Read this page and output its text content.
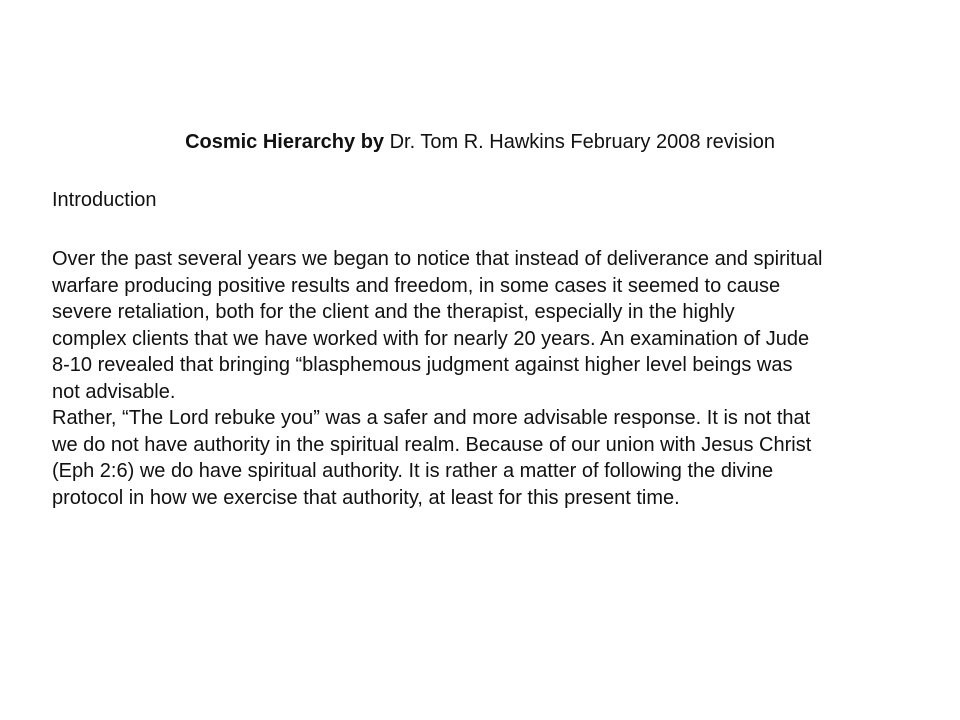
Cosmic Hierarchy by Dr. Tom R. Hawkins February 2008 revision
Introduction
Over the past several years we began to notice that instead of deliverance and spiritual
warfare producing positive results and freedom, in some cases it seemed to cause
severe retaliation, both for the client and the therapist, especially in the highly
complex clients that we have worked with for nearly 20 years. An examination of Jude
8-10 revealed that bringing “blasphemous judgment against higher level beings was
not advisable.
Rather, “The Lord rebuke you” was a safer and more advisable response. It is not that
we do not have authority in the spiritual realm. Because of our union with Jesus Christ
(Eph 2:6) we do have spiritual authority. It is rather a matter of following the divine
protocol in how we exercise that authority, at least for this present time.
